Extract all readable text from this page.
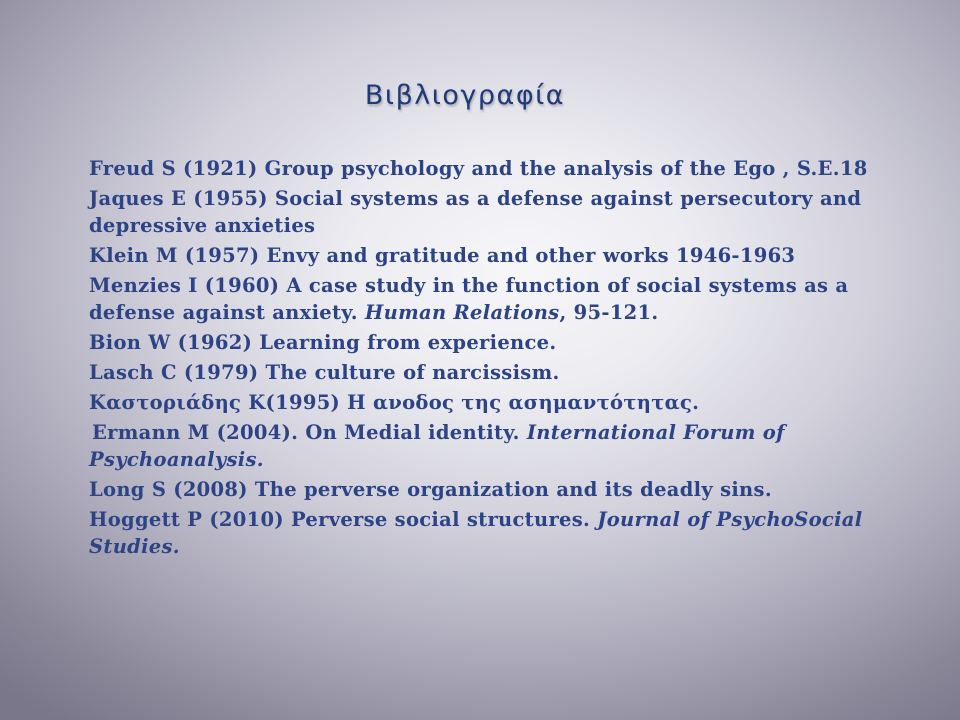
Βιβλιογραφία
Freud S (1921) Group psychology and the analysis of the Ego , S.E.18
Jaques E (1955) Social systems as a defense against persecutory and depressive anxieties
Klein M (1957) Envy and gratitude and other works 1946-1963
Menzies I (1960) A case study in the function of social systems as a defense against anxiety. Human Relations, 95-121.
Bion W (1962) Learning from experience.
Lasch C (1979) The culture of narcissism.
Καστοριάδης Κ(1995) Η ανοδος της ασημαντότητας.
Ermann M (2004). On Medial identity. International Forum of Psychoanalysis.
Long S (2008) The perverse organization and its deadly sins.
Hoggett P (2010) Perverse social structures. Journal of PsychoSocial Studies.
